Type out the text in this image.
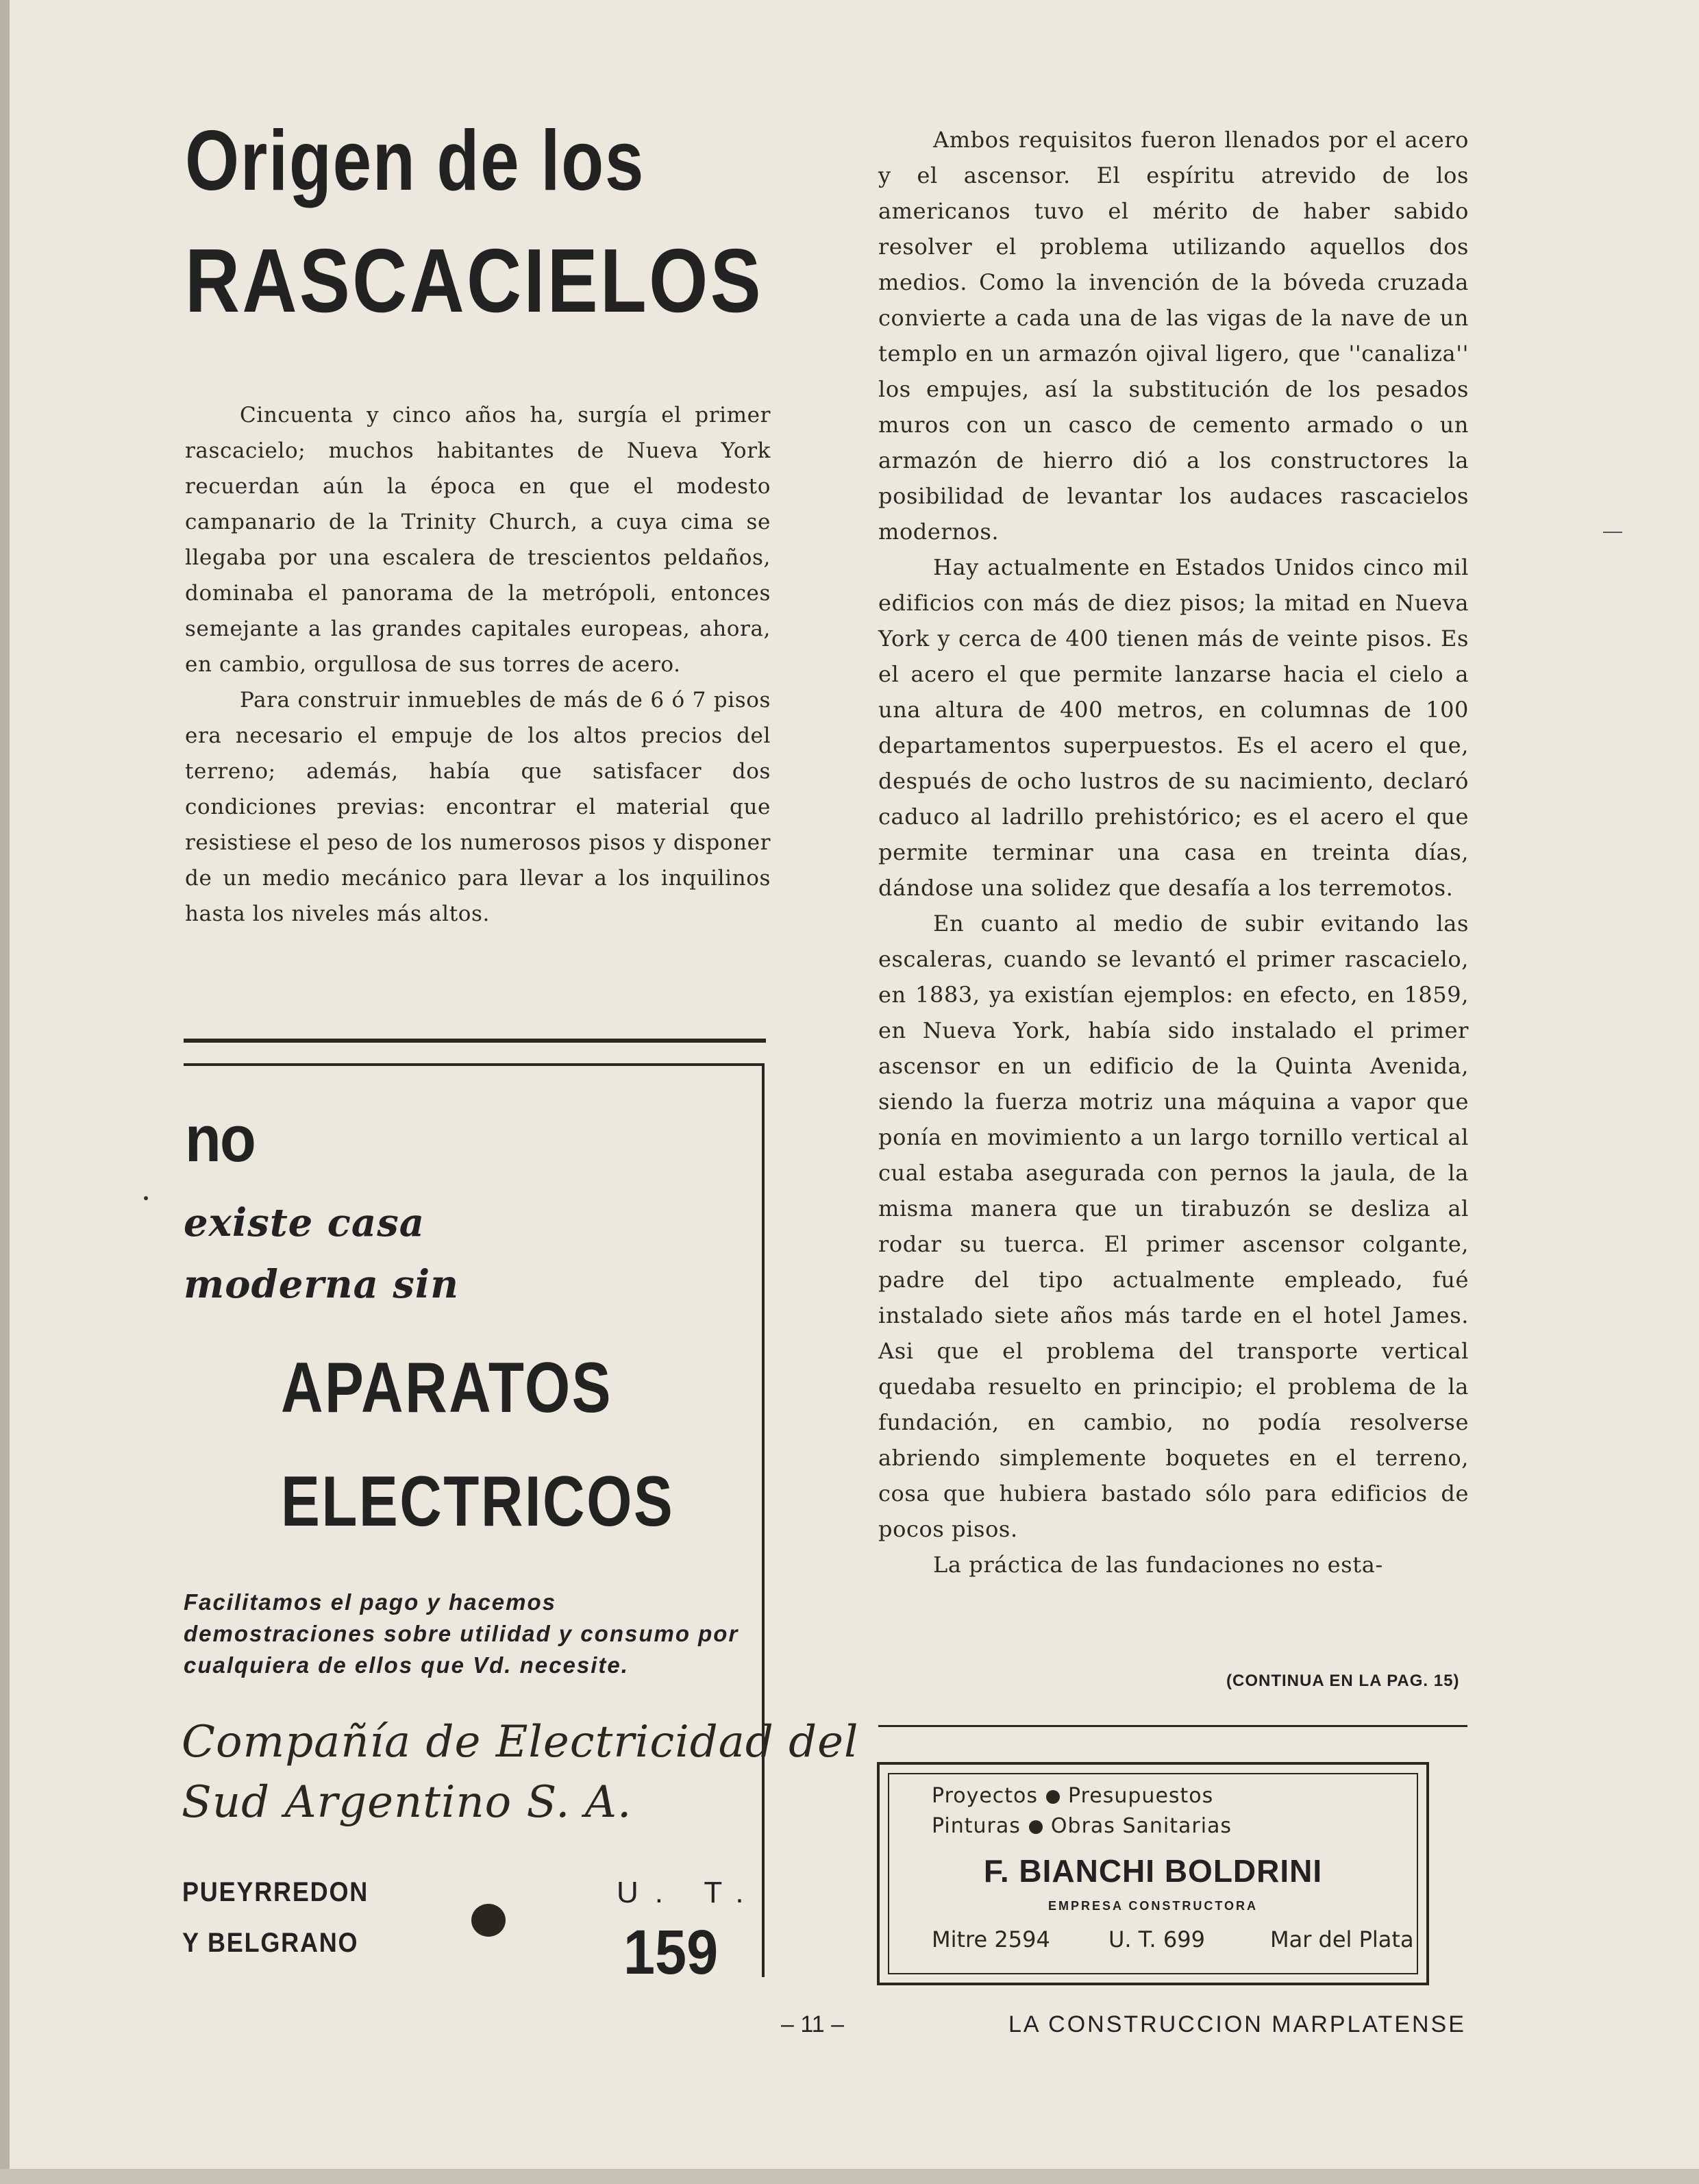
Origen de los
RASCACIELOS

Cincuenta y cinco años ha, surgía el primer rascacielo; muchos habitantes de Nueva York recuerdan aún la época en que el modesto campanario de la Trinity Church, a cuya cima se llegaba por una escalera de trescientos peldaños, dominaba el panorama de la metrópoli, entonces semejante a las grandes capitales europeas, ahora, en cambio, orgullosa de sus torres de acero.

Para construir inmuebles de más de 6 ó 7 pisos era necesario el empuje de los altos precios del terreno; además, había que satisfacer dos condiciones previas: encontrar el material que resistiese el peso de los numerosos pisos y disponer de un medio mecánico para llevar a los inquilinos hasta los niveles más altos.

Ambos requisitos fueron llenados por el acero y el ascensor. El espíritu atrevido de los americanos tuvo el mérito de haber sabido resolver el problema utilizando aquellos dos medios. Como la invención de la bóveda cruzada convierte a cada una de las vigas de la nave de un templo en un armazón ojival ligero, que ''canaliza'' los empujes, así la substitución de los pesados muros con un casco de cemento armado o un armazón de hierro dió a los constructores la posibilidad de levantar los audaces rascacielos modernos.

Hay actualmente en Estados Unidos cinco mil edificios con más de diez pisos; la mitad en Nueva York y cerca de 400 tienen más de veinte pisos. Es el acero el que permite lanzarse hacia el cielo a una altura de 400 metros, en columnas de 100 departamentos superpuestos. Es el acero el que, después de ocho lustros de su nacimiento, declaró caduco al ladrillo prehistórico; es el acero el que permite terminar una casa en treinta días, dándose una solidez que desafía a los terremotos.

En cuanto al medio de subir evitando las escaleras, cuando se levantó el primer rascacielo, en 1883, ya existían ejemplos: en efecto, en 1859, en Nueva York, había sido instalado el primer ascensor en un edificio de la Quinta Avenida, siendo la fuerza motriz una máquina a vapor que ponía en movimiento a un largo tornillo vertical al cual estaba asegurada con pernos la jaula, de la misma manera que un tirabuzón se desliza al rodar su tuerca. El primer ascensor colgante, padre del tipo actualmente empleado, fué instalado siete años más tarde en el hotel James. Asi que el problema del transporte vertical quedaba resuelto en principio; el problema de la fundación, en cambio, no podía resolverse abriendo simplemente boquetes en el terreno, cosa que hubiera bastado sólo para edificios de pocos pisos.

La práctica de las fundaciones no esta-

(CONTINUA EN LA PAG. 15)
no
existe casa
moderna sin
APARATOS
ELECTRICOS
Facilitamos el pago y hacemos demostraciones sobre utilidad y consumo por cualquiera de ellos que Vd. necesite.
Compañía de Electricidad del
Sud Argentino S. A.
PUEYRREDON
Y BELGRANO
U. T.
159
Proyectos Presupuestos
Pinturas Obras Sanitarias
F. BIANCHI BOLDRINI
EMPRESA CONSTRUCTORA
Mitre 2594	U. T. 699	Mar del Plata
– 11 –	LA CONSTRUCCION MARPLATENSE
